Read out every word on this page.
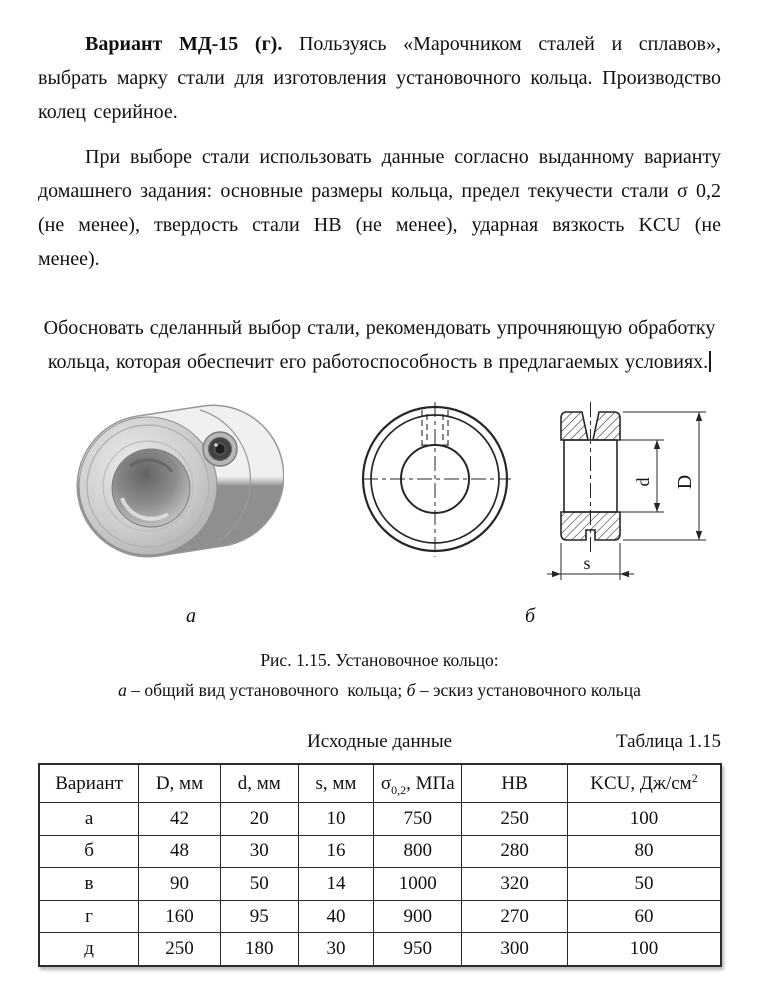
Вариант МД-15 (г). Пользуясь «Марочником сталей и сплавов», выбрать марку стали для изготовления установочного кольца. Производство колец серийное.

При выборе стали использовать данные согласно выданному варианту домашнего задания: основные размеры кольца, предел текучести стали σ 0,2 (не менее), твердость стали НВ (не менее), ударная вязкость KCU (не менее).

Обосновать сделанный выбор стали, рекомендовать упрочняющую обработку кольца, которая обеспечит его работоспособность в предлагаемых условиях.

d D
s
а	б
Рис. 1.15. Установочное кольцо:
а – общий вид установочного  кольца; б – эскиз установочного кольца
Исходные данные	Таблица 1.15
Вариант	D, мм	d, мм	s, мм	$\sigma_{0,2}$, МПа	НВ	KCU, $Дж/см^2$
а	42	20	10	750	250	100
б	48	30	16	800	280	80
в	90	50	14	1000	320	50
г	160	95	40	900	270	60
д	250	180	30	950	300	100
